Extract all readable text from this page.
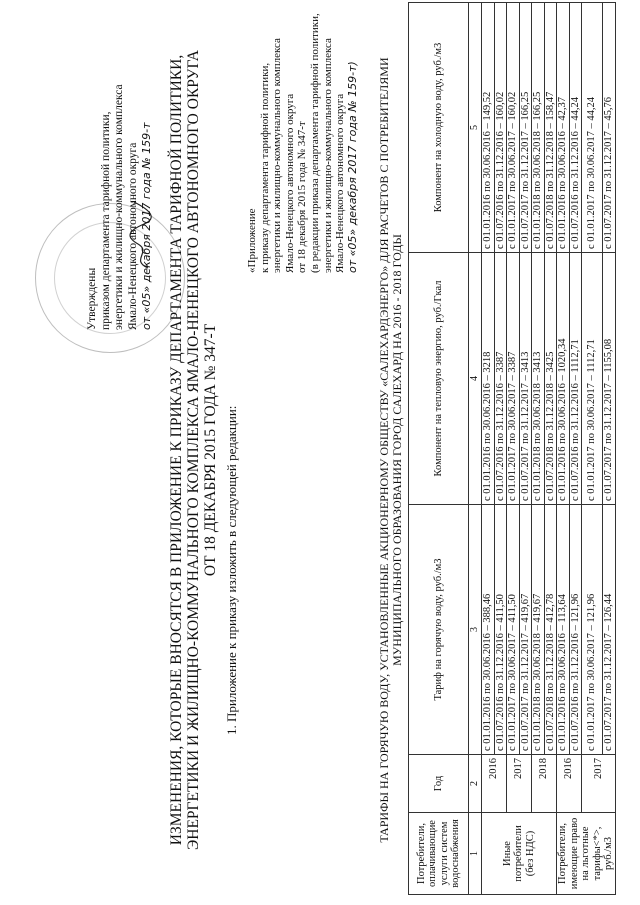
Утверждены приказом департамента тарифной политики, энергетики и жилищно-коммунального комплекса Ямало-Ненецкого автономного округа от «05» декабря 2017 года № 159-т ИЗМЕНЕНИЯ, КОТОРЫЕ ВНОСЯТСЯ В ПРИЛОЖЕНИЕ К ПРИКАЗУ ДЕПАРТАМЕНТА ТАРИФНОЙ ПОЛИТИКИ, ЭНЕРГЕТИКИ И ЖИЛИЩНО-КОММУНАЛЬНОГО КОМПЛЕКСА ЯМАЛО-НЕНЕЦКОГО АВТОНОМНОГО ОКРУГА ОТ 18 ДЕКАБРЯ 2015 ГОДА № 347-Т 1. Приложение к приказу изложить в следующей редакции:
«Приложение к приказу департамента тарифной политики, энергетики и жилищно-коммунального комплекса Ямало-Ненецкого автономного округа от 18 декабря 2015 года № 347-т (в редакции приказа департамента тарифной политики, энергетики и жилищно-коммунального комплекса Ямало-Ненецкого автономного округа от «05» декабря 2017 года № 159-т) ТАРИФЫ НА ГОРЯЧУЮ ВОДУ, УСТАНОВЛЕННЫЕ АКЦИОНЕРНОМУ ОБЩЕСТВУ «САЛЕХАРДЭНЕРГО» ДЛЯ РАСЧЕТОВ С ПОТРЕБИТЕЛЯМИ МУНИЦИПАЛЬНОГО ОБРАЗОВАНИЯ ГОРОД САЛЕХАРД НА 2016 - 2018 ГОДЫ
Потребители, оплачивающие услуги систем водоснабжения	Год	Тариф на горячую воду, руб./м3	Компонент на тепловую энергию, руб./Гкал	Компонент на холодную воду, руб./м3
1	2	3	4	5
Иные потребители (без НДС)	2016	с 01.01.2016 по 30.06.2016 – 388,46	с 01.01.2016 по 30.06.2016 – 3218	с 01.01.2016 по 30.06.2016 – 149,52
		с 01.07.2016 по 31.12.2016 – 411,50	с 01.07.2016 по 31.12.2016 – 3387	с 01.07.2016 по 31.12.2016 – 160,02
	2017	с 01.01.2017 по 30.06.2017 – 411,50	с 01.01.2017 по 30.06.2017 – 3387	с 01.01.2017 по 30.06.2017 – 160,02
		с 01.07.2017 по 31.12.2017 – 419,67	с 01.07.2017 по 31.12.2017 – 3413	с 01.07.2017 по 31.12.2017 – 166,25
	2018	с 01.01.2018 по 30.06.2018 – 419,67	с 01.01.2018 по 30.06.2018 – 3413	с 01.01.2018 по 30.06.2018 – 166,25
		с 01.07.2018 по 31.12.2018 – 412,78	с 01.07.2018 по 31.12.2018 – 3425	с 01.07.2018 по 31.12.2018 – 158,47
Потребители, имеющие право на льготные тарифы<*>, руб./м3	2016	с 01.01.2016 по 30.06.2016 – 113,64	с 01.01.2016 по 30.06.2016 – 1020,34	с 01.01.2016 по 30.06.2016 – 42,37
		с 01.07.2016 по 31.12.2016 – 121,96	с 01.07.2016 по 31.12.2016 – 1112,71	с 01.07.2016 по 31.12.2016 – 44,24
	2017	с 01.01.2017 по 30.06.2017 – 121,96	с 01.01.2017 по 30.06.2017 – 1112,71	с 01.01.2017 по 30.06.2017 – 44,24
		с 01.07.2017 по 31.12.2017 – 126,44	с 01.07.2017 по 31.12.2017 – 1155,08	с 01.07.2017 по 31.12.2017 – 45,76
